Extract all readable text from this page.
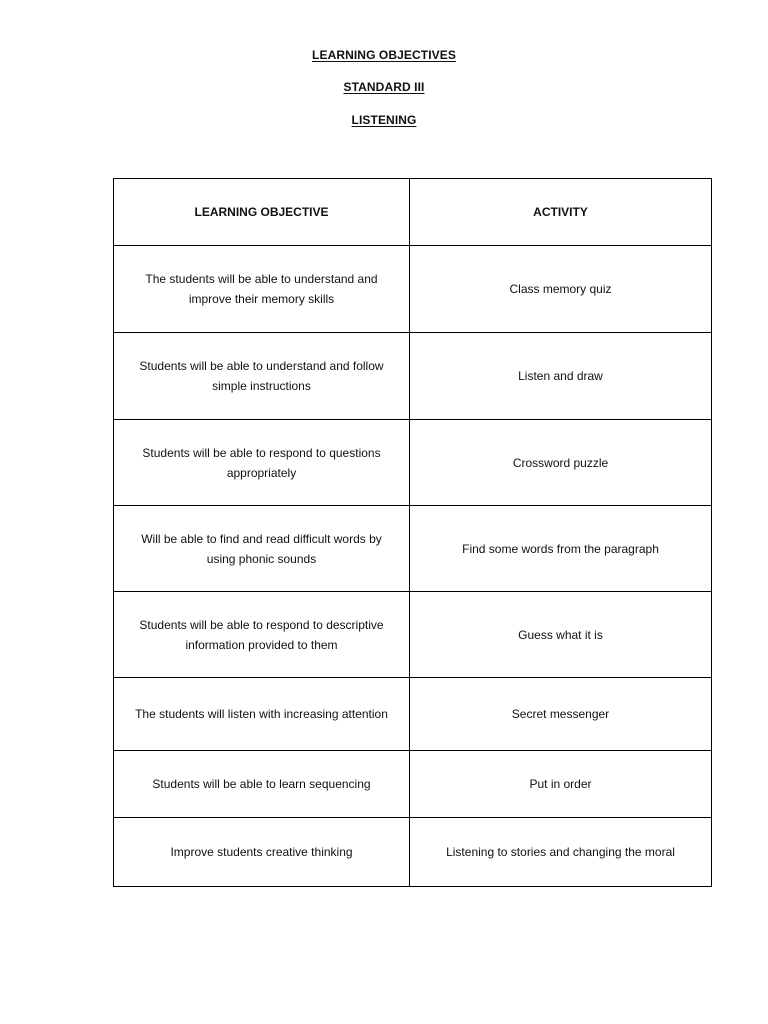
LEARNING OBJECTIVES
STANDARD III
LISTENING
LEARNING OBJECTIVE	ACTIVITY
The students will be able to understand and improve their memory skills	Class memory quiz
Students will be able to understand and follow simple instructions	Listen and draw
Students will be able to respond to questions appropriately	Crossword puzzle
Will be able to find and read difficult words by using phonic sounds	Find some words from the paragraph
Students will be able to respond to descriptive information provided to them	Guess what it is
The students will listen with increasing attention	Secret messenger
Students will be able to learn sequencing	Put in order
Improve students creative thinking	Listening to stories and changing the moral
